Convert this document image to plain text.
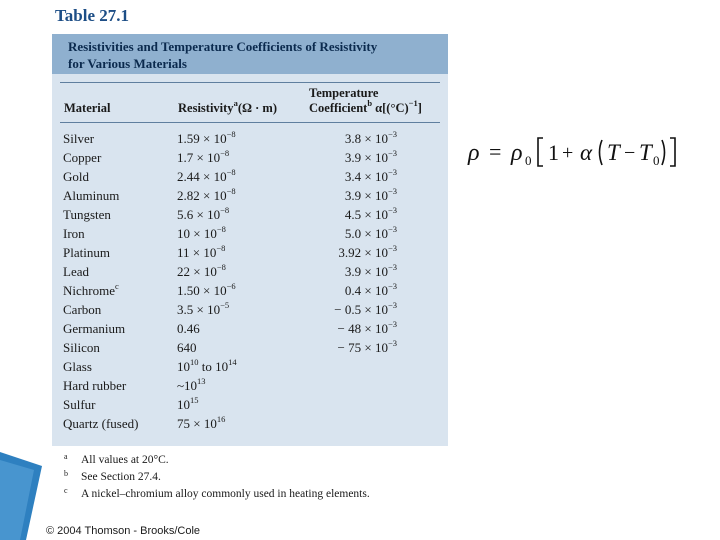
Table 27.1
Resistivities and Temperature Coefficients of Resistivity
for Various Materials
Material	Resistivity$^a$(Ω · m)
Temperature
Coefficient$^b$ $\alpha[(^\circ C)^{-1}]$
Silver	$1.59 \times 10^{-8}$	$3.8 \times 10^{-3}$
Copper	$1.7 \times 10^{-8}$	$3.9 \times 10^{-3}$
Gold	$2.44 \times 10^{-8}$	$3.4 \times 10^{-3}$
Aluminum	$2.82 \times 10^{-8}$	$3.9 \times 10^{-3}$
Tungsten	$5.6 \times 10^{-8}$	$4.5 \times 10^{-3}$
Iron	$10 \times 10^{-8}$	$5.0 \times 10^{-3}$
Platinum	$11 \times 10^{-8}$	$3.92 \times 10^{-3}$
Lead	$22 \times 10^{-8}$	$3.9 \times 10^{-3}$
Nichrome$^c$	$1.50 \times 10^{-6}$	$0.4 \times 10^{-3}$
Carbon	$3.5 \times 10^{-5}$	− $0.5 \times 10^{-3}$
Germanium	0.46	− $48 \times 10^{-3}$
Silicon	640	− $75 \times 10^{-3}$
Glass	$10^{10}$ to $10^{14}$
Hard rubber	$\sim 10^{13}$
Sulfur	$10^{15}$
Quartz (fused)	$75 \times 10^{16}$
a All values at 20°C.
b See Section 27.4.
c A nickel–chromium alloy commonly used in heating elements.
© 2004 Thomson - Brooks/Cole
ρ = ρ 0 1 + α T − T 0
